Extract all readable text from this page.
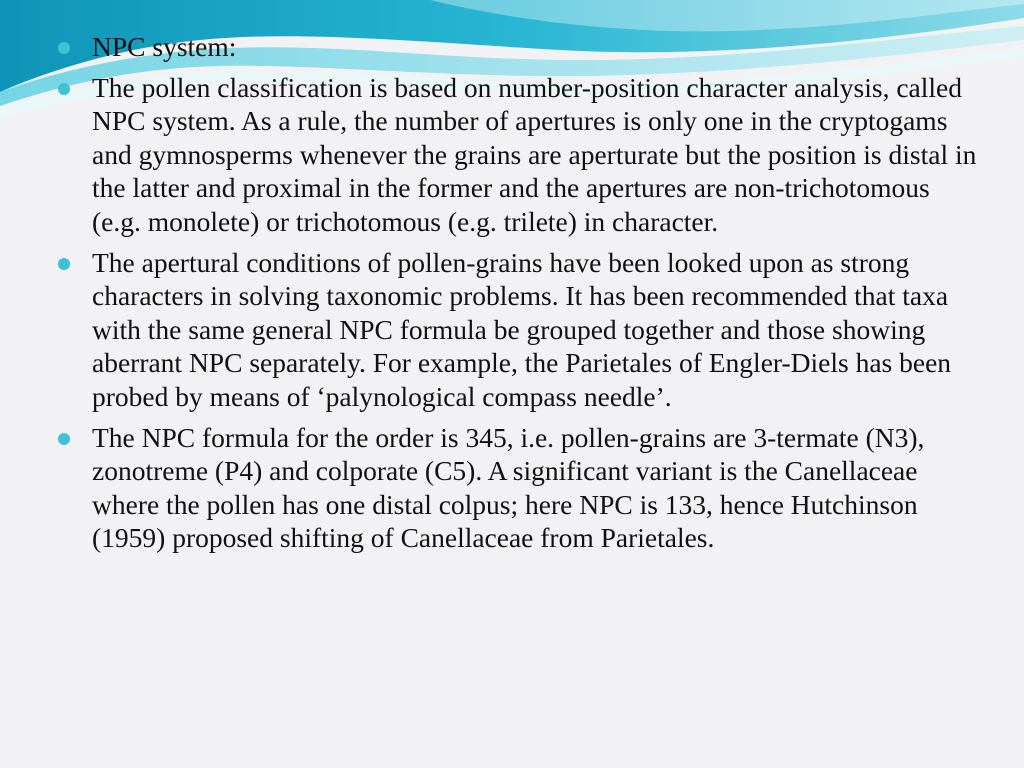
NPC system:
The pollen classification is based on number-position character analysis, called NPC system. As a rule, the number of apertures is only one in the cryptogams and gymnosperms whenever the grains are aperturate but the position is distal in the latter and proximal in the former and the apertures are non-trichotomous (e.g. monolete) or trichotomous (e.g. trilete) in character.
The apertural conditions of pollen-grains have been looked upon as strong characters in solving taxonomic problems. It has been recommended that taxa with the same general NPC formula be grouped together and those showing aberrant NPC separately. For example, the Parietales of Engler-Diels has been probed by means of ‘palynological compass needle’.
The NPC formula for the order is 345, i.e. pollen-grains are 3-termate (N3), zonotreme (P4) and colporate (C5). A significant variant is the Canellaceae where the pollen has one distal colpus; here NPC is 133, hence Hutchinson (1959) proposed shifting of Canellaceae from Parietales.
